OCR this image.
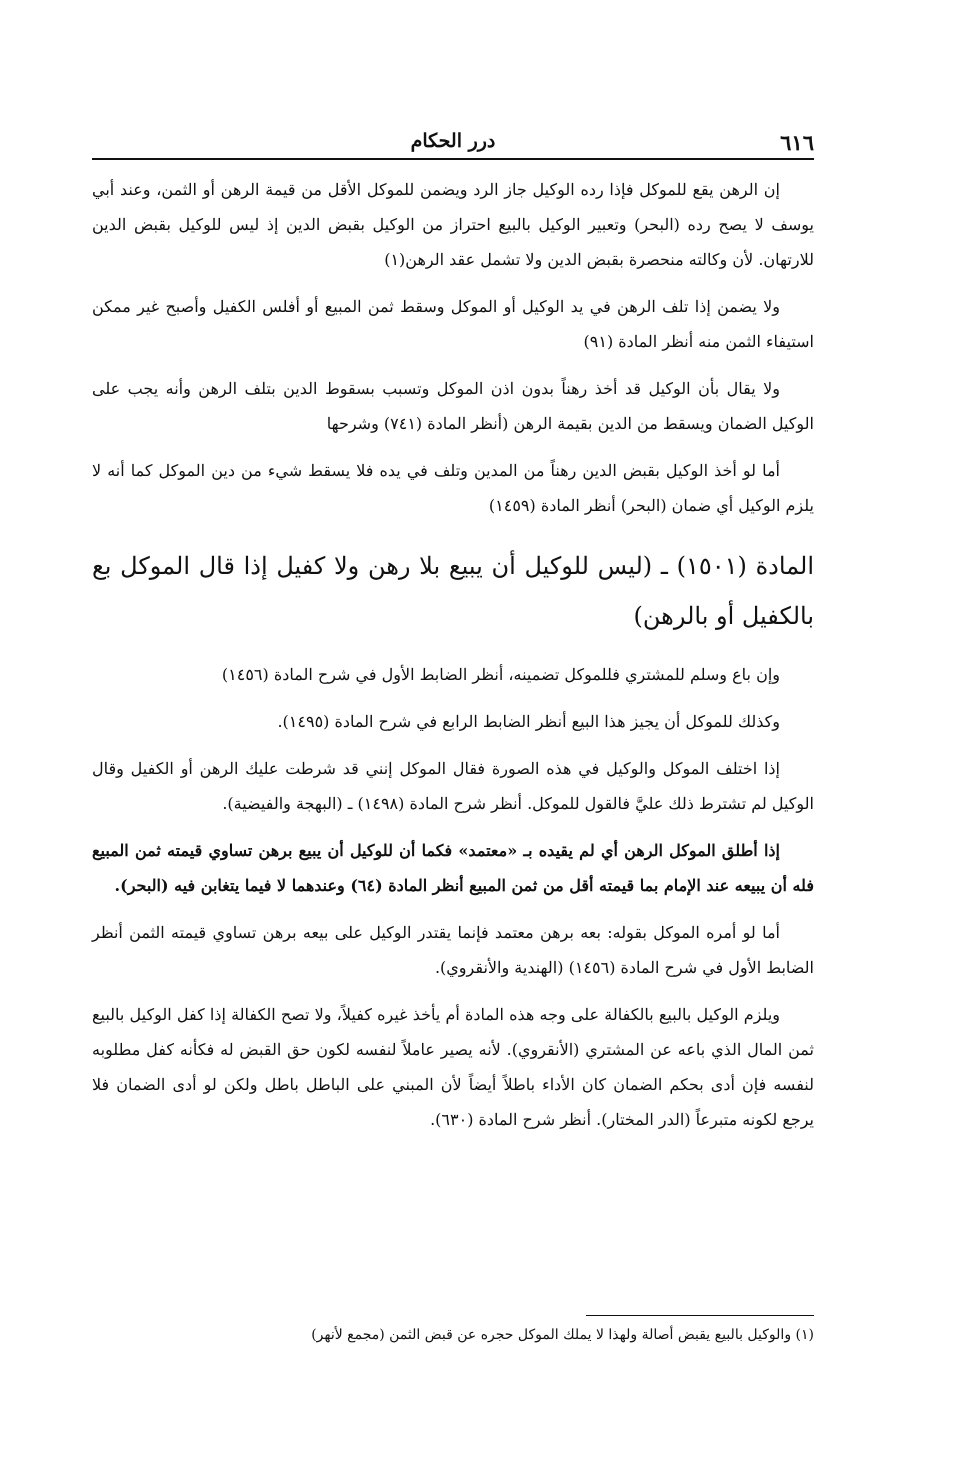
٦١٦
درر الحكام

إن الرهن يقع للموكل فإذا رده الوكيل جاز الرد ويضمن للموكل الأقل من قيمة الرهن أو الثمن، وعند أبي يوسف لا يصح رده (البحر) وتعبير الوكيل بالبيع احتراز من الوكيل بقبض الدين إذ ليس للوكيل بقبض الدين للارتهان. لأن وكالته منحصرة بقبض الدين ولا تشمل عقد الرهن(١)

ولا يضمن إذا تلف الرهن في يد الوكيل أو الموكل وسقط ثمن المبيع أو أفلس الكفيل وأصبح غير ممكن استيفاء الثمن منه أنظر المادة (٩١)

ولا يقال بأن الوكيل قد أخذ رهناً بدون اذن الموكل وتسبب بسقوط الدين بتلف الرهن وأنه يجب على الوكيل الضمان ويسقط من الدين بقيمة الرهن (أنظر المادة (٧٤١) وشرحها

أما لو أخذ الوكيل بقبض الدين رهناً من المدين وتلف في يده فلا يسقط شيء من دين الموكل كما أنه لا يلزم الوكيل أي ضمان (البحر) أنظر المادة (١٤٥٩)

المادة (١٥٠١) ـ (ليس للوكيل أن يبيع بلا رهن ولا كفيل إذا قال الموكل بع بالكفيل أو بالرهن)

وإن باع وسلم للمشتري فللموكل تضمينه، أنظر الضابط الأول في شرح المادة (١٤٥٦)

وكذلك للموكل أن يجيز هذا البيع أنظر الضابط الرابع في شرح المادة (١٤٩٥).

إذا اختلف الموكل والوكيل في هذه الصورة فقال الموكل إنني قد شرطت عليك الرهن أو الكفيل وقال الوكيل لم تشترط ذلك عليَّ فالقول للموكل. أنظر شرح المادة (١٤٩٨) ـ (البهجة والفيضية).

إذا أطلق الموكل الرهن أي لم يقيده بـ «معتمد» فكما أن للوكيل أن يبيع برهن تساوي قيمته ثمن المبيع فله أن يبيعه عند الإمام بما قيمته أقل من ثمن المبيع أنظر المادة (٦٤) وعندهما لا فيما يتغابن فيه (البحر).

أما لو أمره الموكل بقوله: بعه برهن معتمد فإنما يقتدر الوكيل على بيعه برهن تساوي قيمته الثمن أنظر الضابط الأول في شرح المادة (١٤٥٦) (الهندية والأنقروي).

ويلزم الوكيل بالبيع بالكفالة على وجه هذه المادة أم يأخذ غيره كفيلاً، ولا تصح الكفالة إذا كفل الوكيل بالبيع ثمن المال الذي باعه عن المشتري (الأنقروي). لأنه يصير عاملاً لنفسه لكون حق القبض له فكأنه كفل مطلوبه لنفسه فإن أدى بحكم الضمان كان الأداء باطلاً أيضاً لأن المبني على الباطل باطل ولكن لو أدى الضمان فلا يرجع لكونه متبرعاً (الدر المختار). أنظر شرح المادة (٦٣٠).

(١) والوكيل بالبيع يقبض أصالة ولهذا لا يملك الموكل حجره عن قبض الثمن (مجمع لأنهر)
